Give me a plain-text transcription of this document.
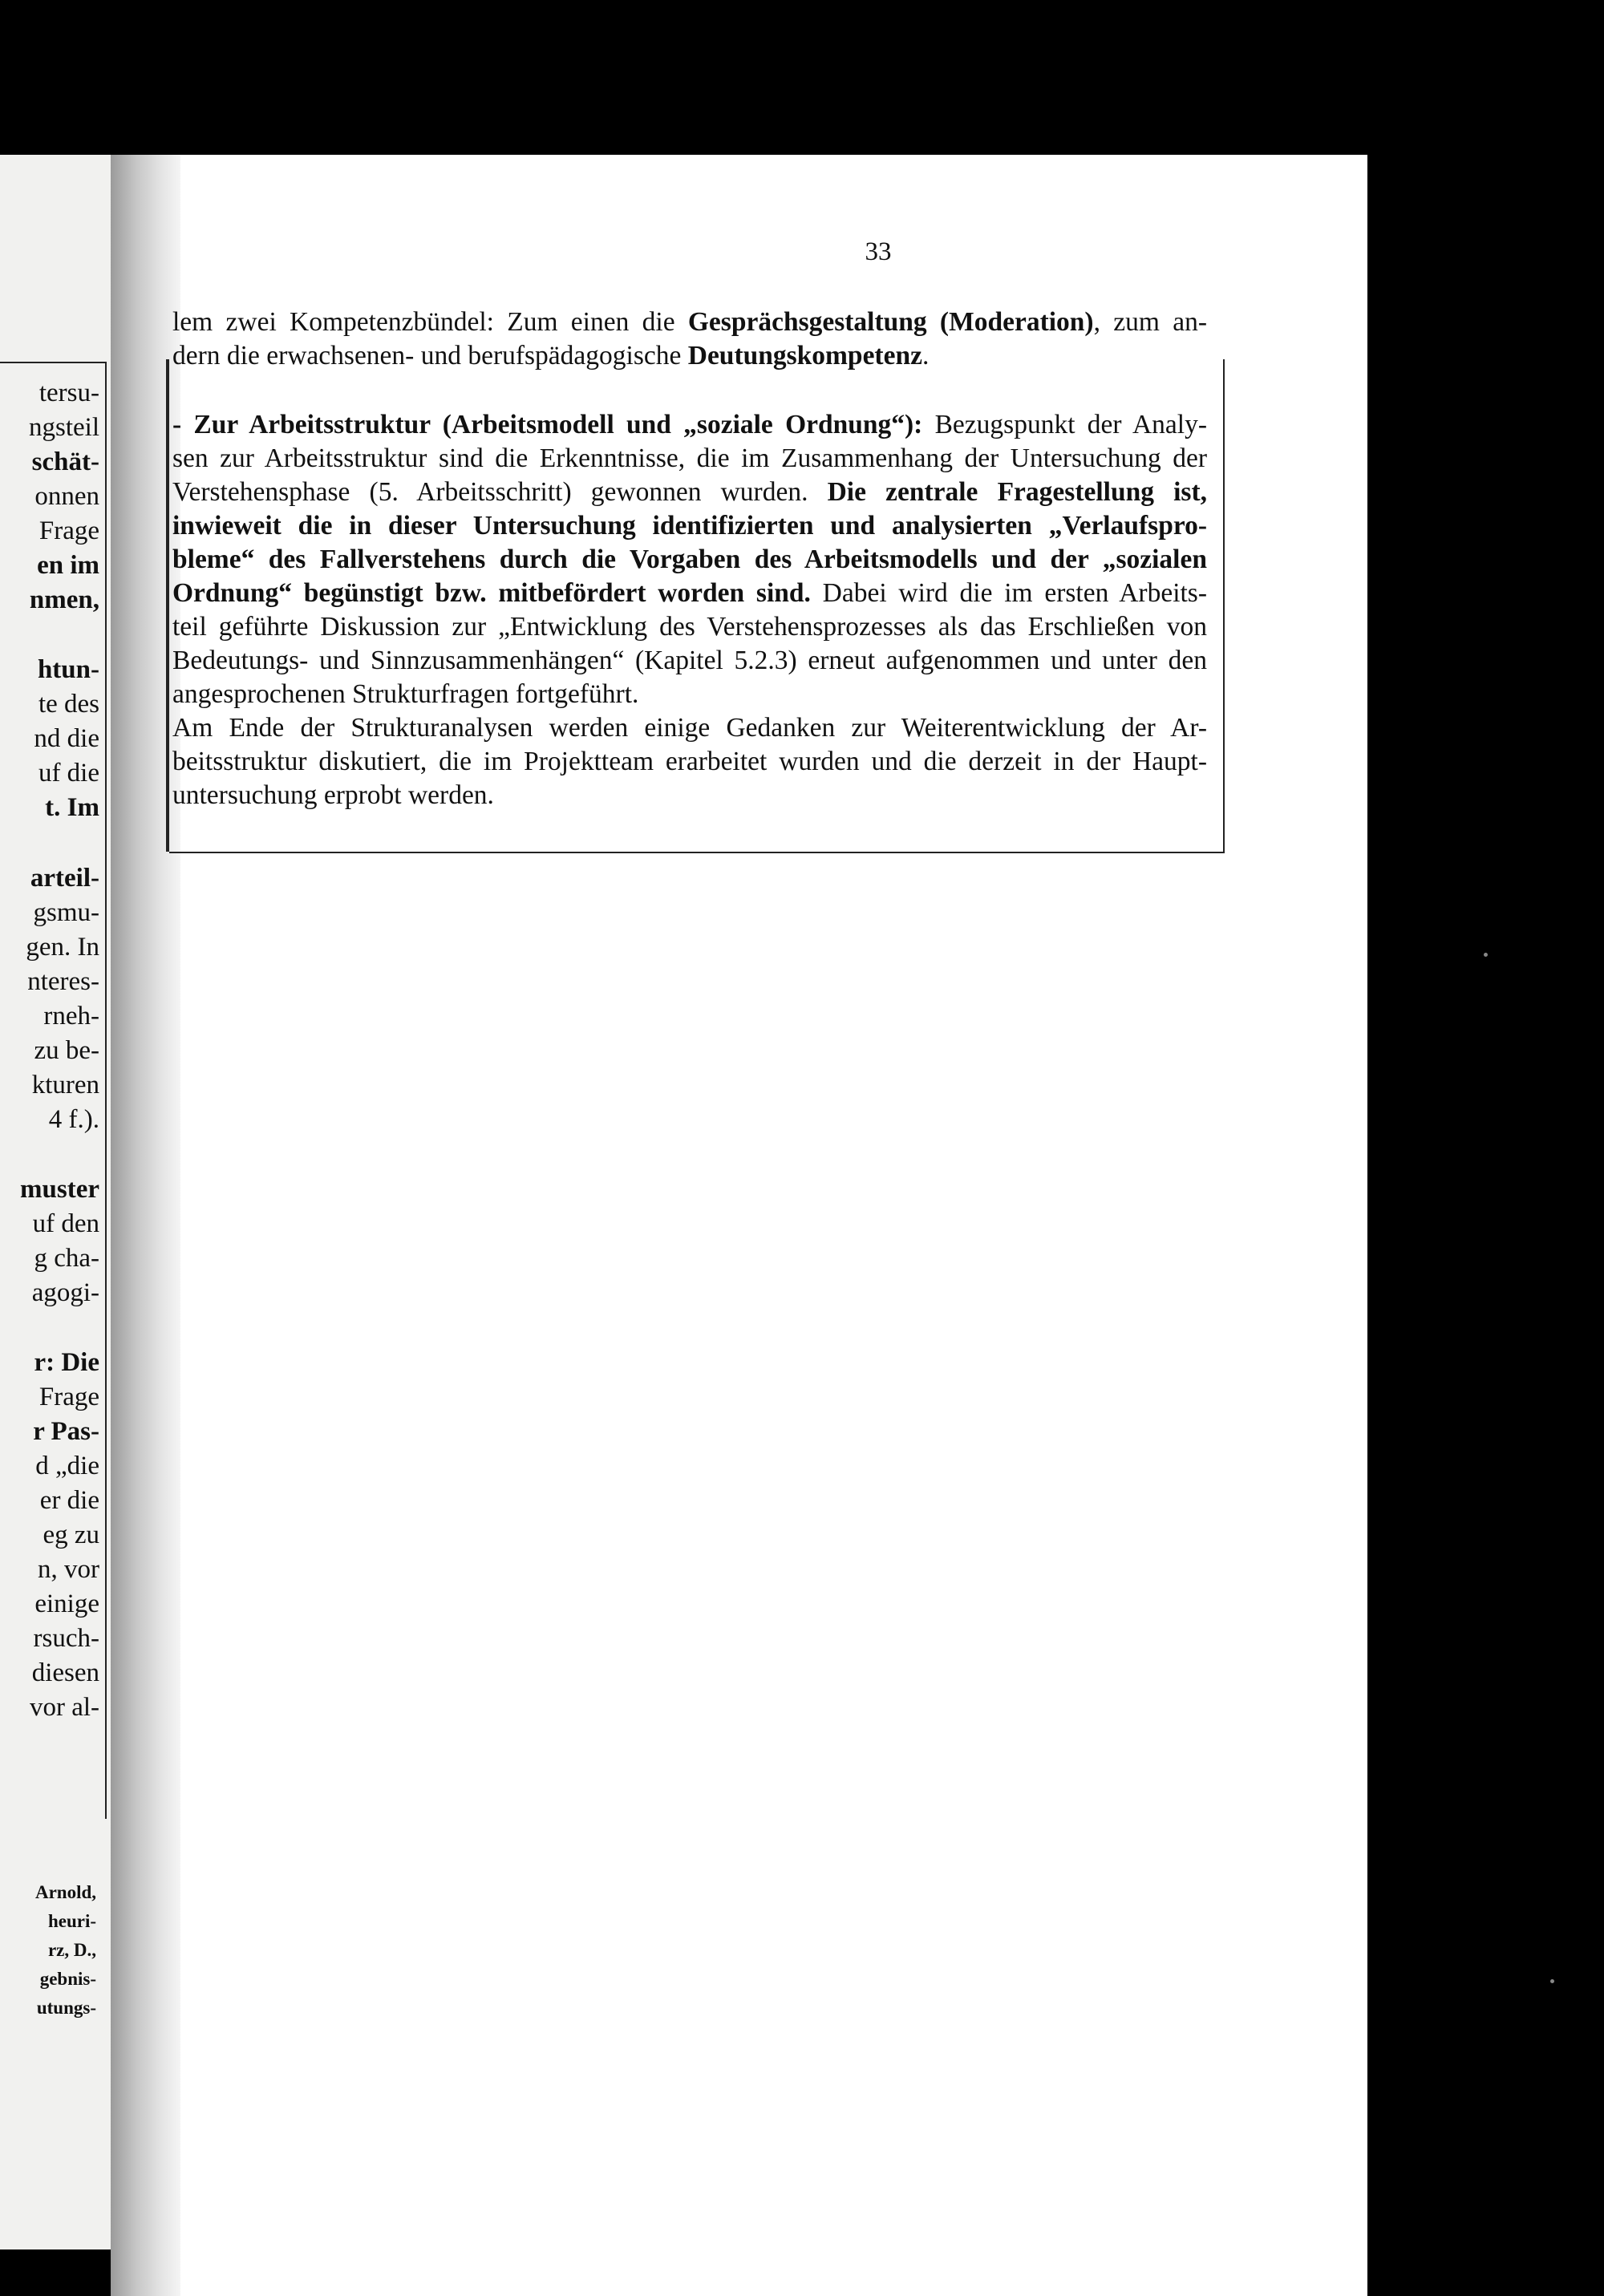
tersu-
ngsteil
schät-
onnen
Frage
en im
nmen,
htun-
te des
nd die
uf die
t. Im
arteil-
gsmu-
gen. In
nteres-
rneh-
zu be-
kturen
4 f.).
muster
uf den
g cha-
agogi-
r: Die
Frage
r Pas-
d „die
er die
eg zu
n, vor
einige
rsuch-
diesen
vor al-
Arnold,
heuri-
rz, D.,
gebnis-
utungs-
33
lem zwei Kompetenzbündel: Zum einen die Gesprächsgestaltung (Moderation), zum an-
dern die erwachsenen- und berufspädagogische Deutungskompetenz.
- Zur Arbeitsstruktur (Arbeitsmodell und „soziale Ordnung“): Bezugspunkt der Analy-
sen zur Arbeitsstruktur sind die Erkenntnisse, die im Zusammenhang der Untersuchung der
Verstehensphase (5. Arbeitsschritt) gewonnen wurden. Die zentrale Fragestellung ist,
inwieweit die in dieser Untersuchung identifizierten und analysierten „Verlaufspro-
bleme“ des Fallverstehens durch die Vorgaben des Arbeitsmodells und der „sozialen
Ordnung“ begünstigt bzw. mitbefördert worden sind. Dabei wird die im ersten Arbeits-
teil geführte Diskussion zur „Entwicklung des Verstehensprozesses als das Erschließen von
Bedeutungs- und Sinnzusammenhängen“ (Kapitel 5.2.3) erneut aufgenommen und unter den
angesprochenen Strukturfragen fortgeführt.
Am Ende der Strukturanalysen werden einige Gedanken zur Weiterentwicklung der Ar-
beitsstruktur diskutiert, die im Projektteam erarbeitet wurden und die derzeit in der Haupt-
untersuchung erprobt werden.
